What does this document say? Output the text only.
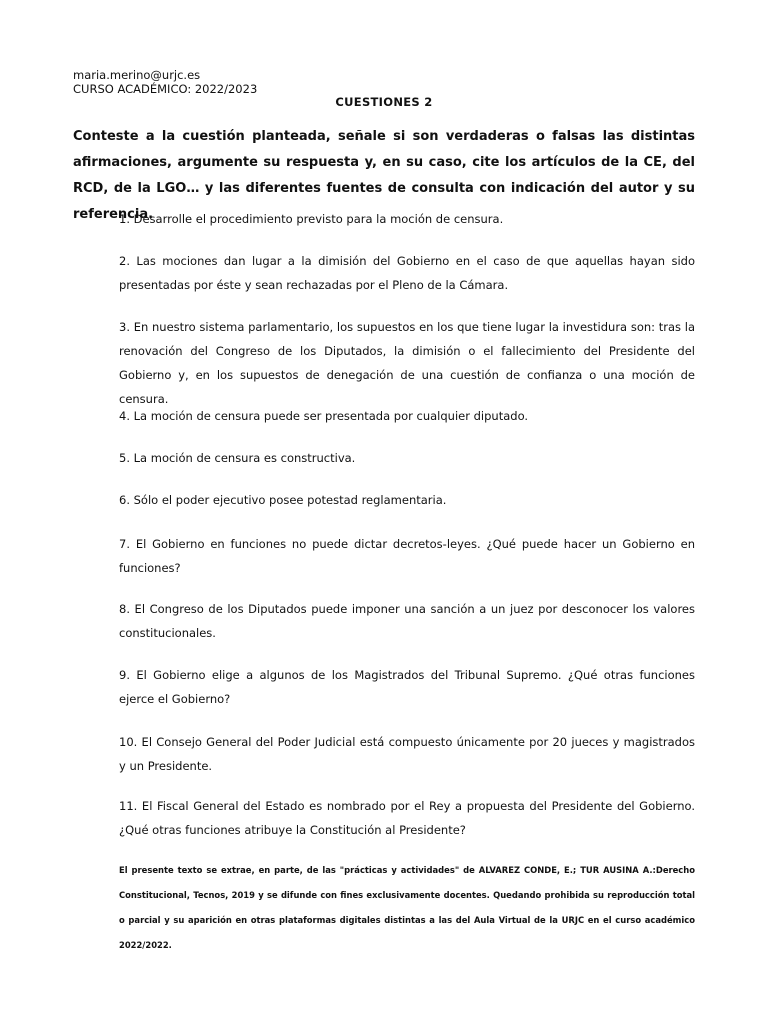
maria.merino@urjc.es
CURSO ACADÉMICO: 2022/2023
CUESTIONES 2
Conteste a la cuestión planteada, señale si son verdaderas o falsas las distintas afirmaciones, argumente su respuesta y, en su caso, cite los artículos de la CE, del RCD, de la LGO… y las diferentes fuentes de consulta con indicación del autor y su referencia.
1. Desarrolle el procedimiento previsto para la moción de censura.
2. Las mociones dan lugar a la dimisión del Gobierno en el caso de que aquellas hayan sido presentadas por éste y sean rechazadas por el Pleno de la Cámara.
3. En nuestro sistema parlamentario, los supuestos en los que tiene lugar la investidura son: tras la renovación del Congreso de los Diputados, la dimisión o el fallecimiento del Presidente del Gobierno y, en los supuestos de denegación de una cuestión de confianza o una moción de censura.
4. La moción de censura puede ser presentada por cualquier diputado.
5. La moción de censura es constructiva.
6. Sólo el poder ejecutivo posee potestad reglamentaria.
7. El Gobierno en funciones no puede dictar decretos-leyes. ¿Qué puede hacer un Gobierno en funciones?
8. El Congreso de los Diputados puede imponer una sanción a un juez por desconocer los valores constitucionales.
9. El Gobierno elige a algunos de los Magistrados del Tribunal Supremo. ¿Qué otras funciones ejerce el Gobierno?
10. El Consejo General del Poder Judicial está compuesto únicamente por 20 jueces y magistrados y un Presidente.
11. El Fiscal General del Estado es nombrado por el Rey a propuesta del Presidente del Gobierno. ¿Qué otras funciones atribuye la Constitución al Presidente?
El presente texto se extrae, en parte, de las "prácticas y actividades" de ALVAREZ CONDE, E.; TUR AUSINA A.:Derecho Constitucional, Tecnos, 2019 y se difunde con fines exclusivamente docentes. Quedando prohibida su reproducción total o parcial y su aparición en otras plataformas digitales distintas a las del Aula Virtual de la URJC en el curso académico 2022/2022.
